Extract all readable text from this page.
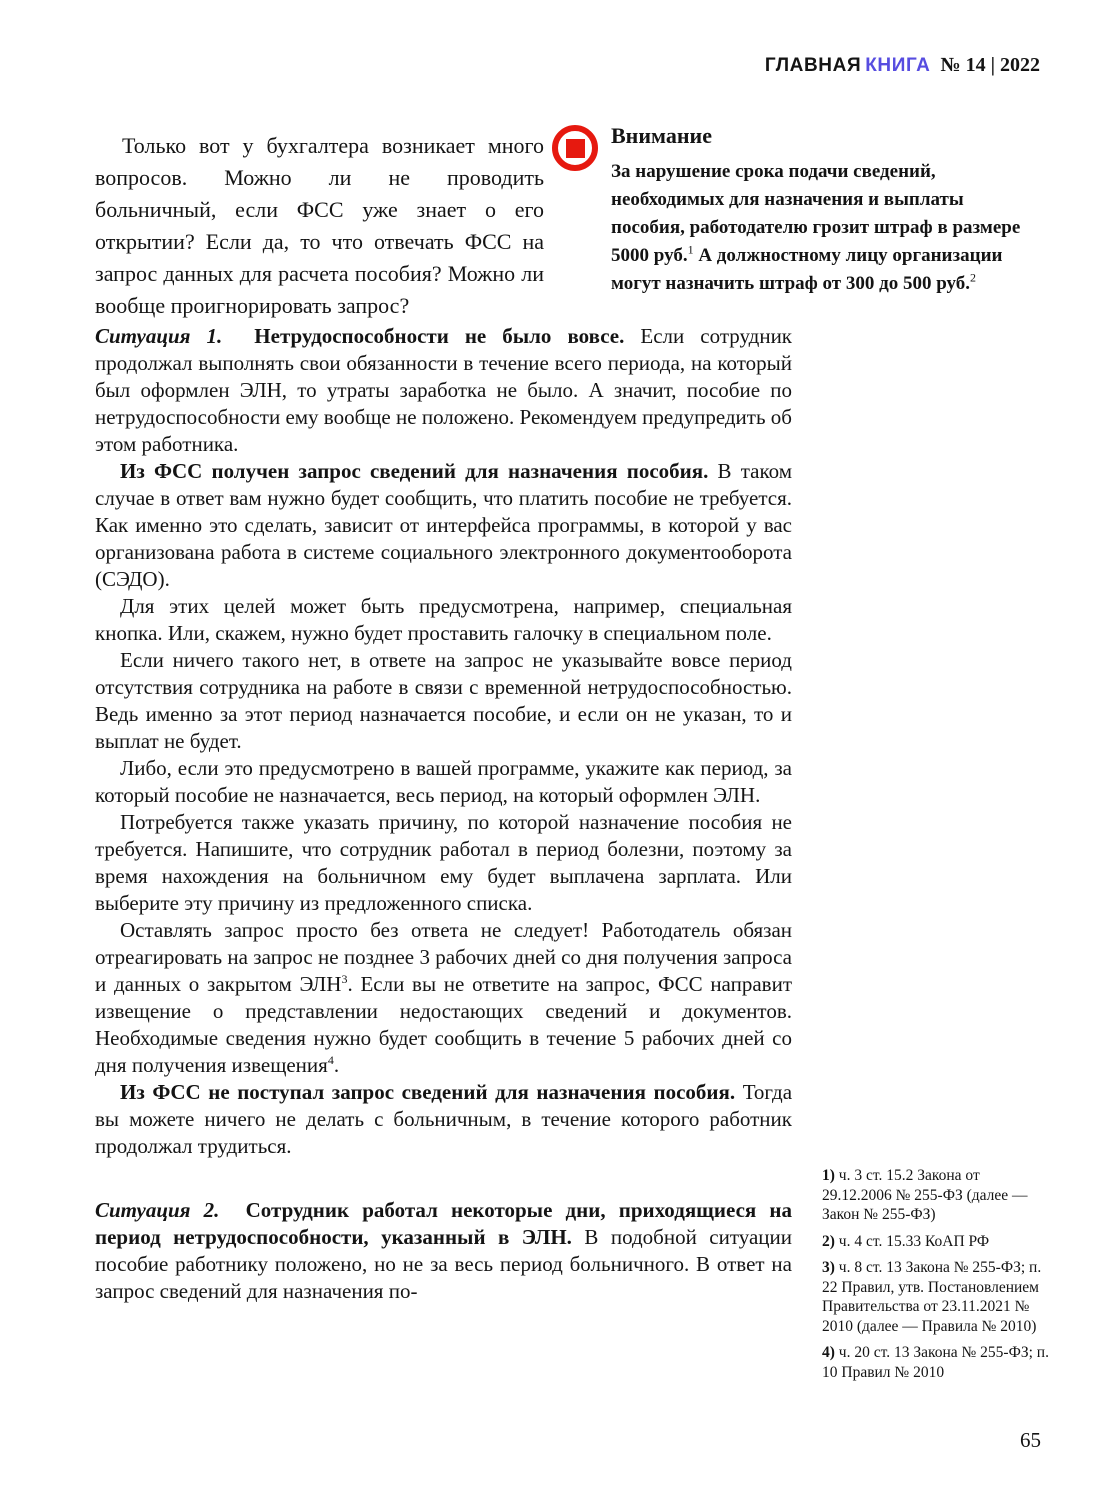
ГЛАВНАЯ КНИГА № 14 | 2022

Только вот у бухгалтера возникает много вопросов. Можно ли не проводить больничный, если ФСС уже знает о его открытии? Если да, то что отвечать ФСС на запрос данных для расчета пособия? Можно ли вообще проигнорировать запрос?

Внимание

За нарушение срока подачи сведений, необходимых для назначения и выплаты пособия, работодателю грозит штраф в размере 5000 руб.$^1$ А должностному лицу организации могут назначить штраф от 300 до 500 руб.$^2$

Ситуация 1. Нетрудоспособности не было вовсе. Если сотрудник продолжал выполнять свои обязанности в течение всего периода, на который был оформлен ЭЛН, то утраты заработка не было. А значит, пособие по нетрудоспособности ему вообще не положено. Рекомендуем предупредить об этом работника.

Из ФСС получен запрос сведений для назначения пособия. В таком случае в ответ вам нужно будет сообщить, что платить пособие не требуется. Как именно это сделать, зависит от интерфейса программы, в которой у вас организована работа в системе социального электронного документооборота (СЭДО).

Для этих целей может быть предусмотрена, например, специальная кнопка. Или, скажем, нужно будет проставить галочку в специальном поле.

Если ничего такого нет, в ответе на запрос не указывайте вовсе период отсутствия сотрудника на работе в связи с временной нетрудоспособностью. Ведь именно за этот период назначается пособие, и если он не указан, то и выплат не будет.

Либо, если это предусмотрено в вашей программе, укажите как период, за который пособие не назначается, весь период, на который оформлен ЭЛН.

Потребуется также указать причину, по которой назначение пособия не требуется. Напишите, что сотрудник работал в период болезни, поэтому за время нахождения на больничном ему будет выплачена зарплата. Или выберите эту причину из предложенного списка.

Оставлять запрос просто без ответа не следует! Работодатель обязан отреагировать на запрос не позднее 3 рабочих дней со дня получения запроса и данных о закрытом ЭЛН$^3$. Если вы не ответите на запрос, ФСС направит извещение о представлении недостающих сведений и документов. Необходимые сведения нужно будет сообщить в течение 5 рабочих дней со дня получения извещения$^4$.

Из ФСС не поступал запрос сведений для назначения пособия. Тогда вы можете ничего не делать с больничным, в течение которого работник продолжал трудиться.

Ситуация 2. Сотрудник работал некоторые дни, приходящиеся на период нетрудоспособности, указанный в ЭЛН. В подобной ситуации пособие работнику положено, но не за весь период больничного. В ответ на запрос сведений для назначения по-

1) ч. 3 ст. 15.2 Закона от 29.12.2006 № 255-ФЗ (далее — Закон № 255-ФЗ)

2) ч. 4 ст. 15.33 КоАП РФ

3) ч. 8 ст. 13 Закона № 255-ФЗ; п. 22 Правил, утв. Постановлением Правительства от 23.11.2021 № 2010 (далее — Правила № 2010)

4) ч. 20 ст. 13 Закона № 255-ФЗ; п. 10 Правил № 2010

65
